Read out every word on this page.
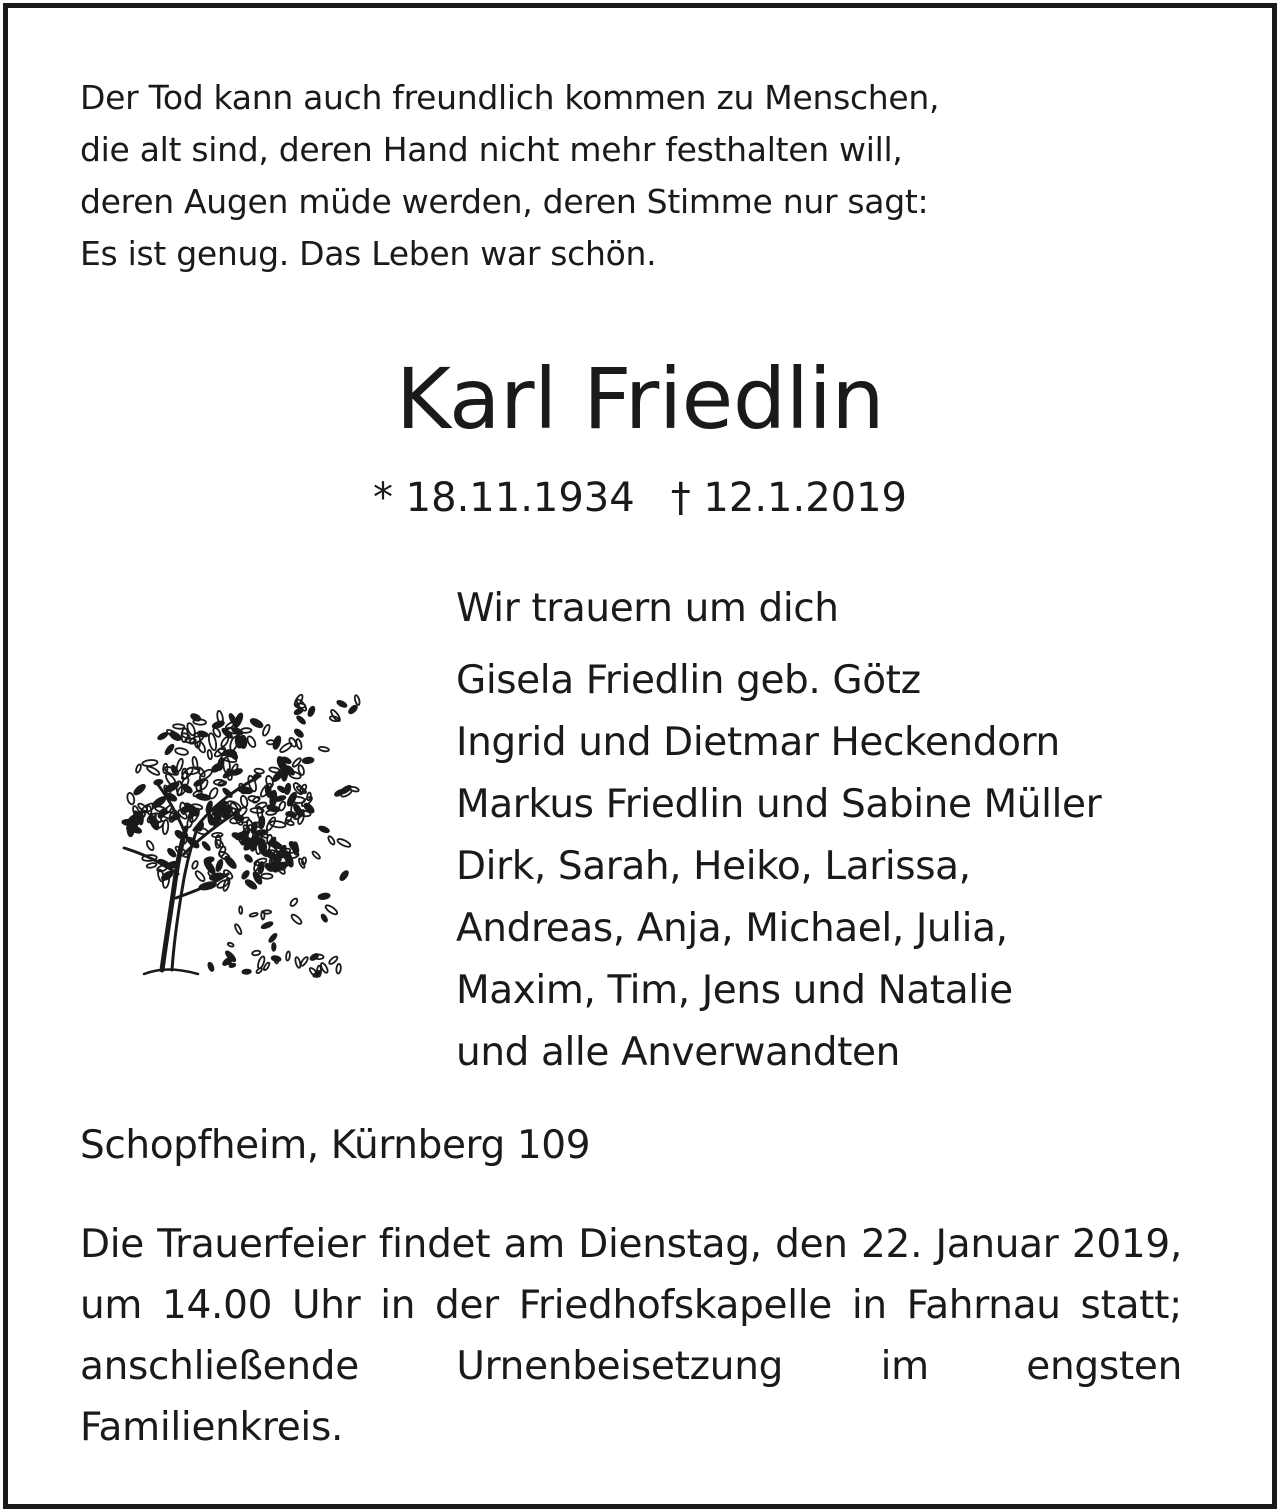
Der Tod kann auch freundlich kommen zu Menschen,
die alt sind, deren Hand nicht mehr festhalten will,
deren Augen müde werden, deren Stimme nur sagt:
Es ist genug. Das Leben war schön.
Karl Friedlin
* 18.11.1934 † 12.1.2019
Wir trauern um dich
Gisela Friedlin geb. Götz
Ingrid und Dietmar Heckendorn
Markus Friedlin und Sabine Müller
Dirk, Sarah, Heiko, Larissa,
Andreas, Anja, Michael, Julia,
Maxim, Tim, Jens und Natalie
und alle Anverwandten
Schopfheim, Kürnberg 109
Die Trauerfeier findet am Dienstag, den 22. Januar 2019, um 14.00 Uhr in der Friedhofskapelle in Fahrnau statt; anschließende Urnenbeisetzung im engsten Familienkreis.
